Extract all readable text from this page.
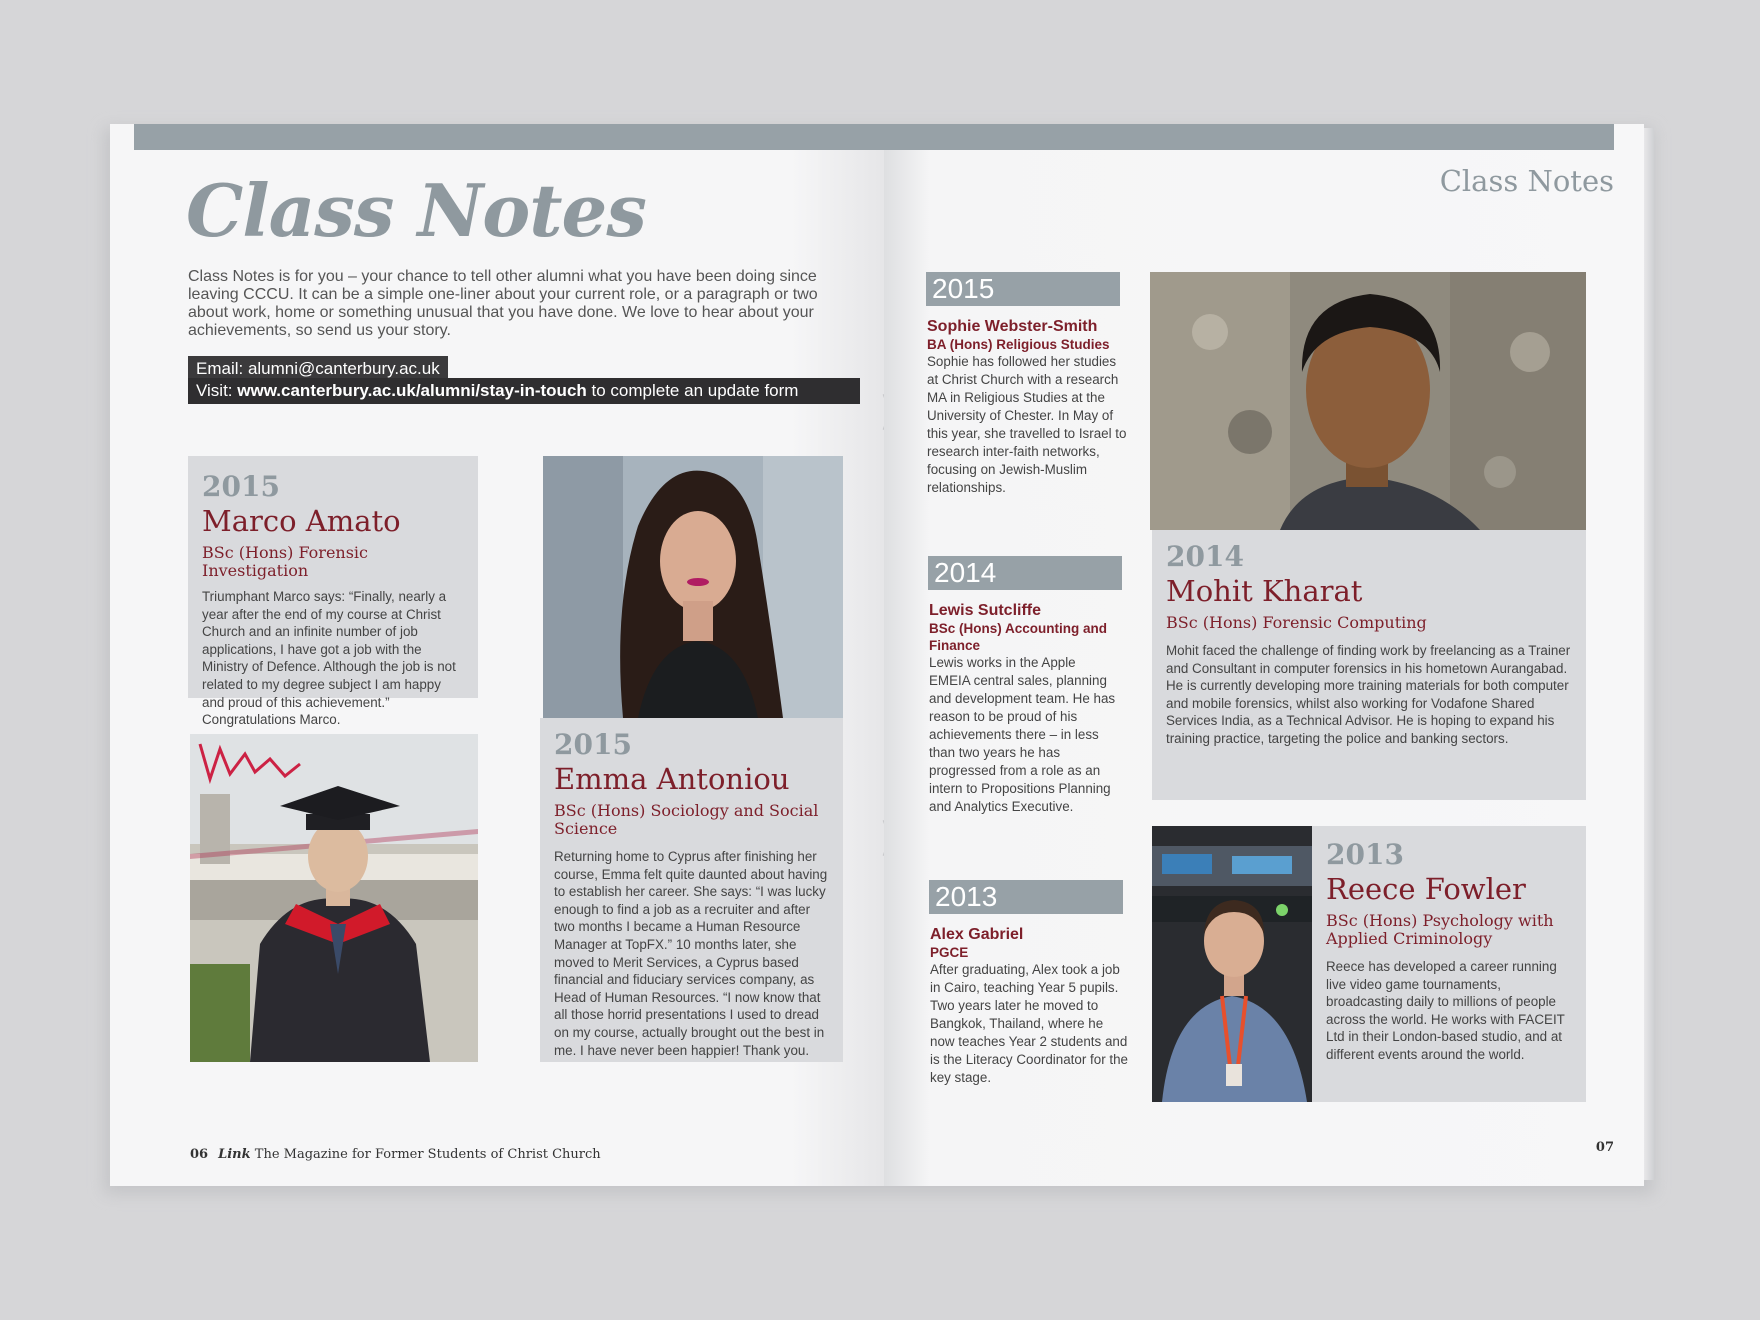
Class Notes

Class Notes is for you – your chance to tell other alumni what you have been doing since leaving CCCU. It can be a simple one-liner about your current role, or a paragraph or two about work, home or something unusual that you have done. We love to hear about your achievements, so send us your story.

Email: alumni@canterbury.ac.uk
Visit: www.canterbury.ac.uk/alumni/stay-in-touch to complete an update form
2015
Marco Amato
BSc (Hons) Forensic Investigation
Triumphant Marco says: “Finally, nearly a year after the end of my course at Christ Church and an infinite number of job applications, I have got a job with the Ministry of Defence. Although the job is not related to my degree subject I am happy and proud of this achievement.” Congratulations Marco.
2015
Emma Antoniou
BSc (Hons) Sociology and Social Science
Returning home to Cyprus after finishing her course, Emma felt quite daunted about having to establish her career. She says: “I was lucky enough to find a job as a recruiter and after two months I became a Human Resource Manager at TopFX.” 10 months later, she moved to Merit Services, a Cyprus based financial and fiduciary services company, as Head of Human Resources. “I now know that all those horrid presentations I used to dread on my course, actually brought out the best in me. I have never been happier! Thank you.
06 Link The Magazine for Former Students of Christ Church
Class Notes
2015
Sophie Webster-Smith
BA (Hons) Religious Studies
Sophie has followed her studies at Christ Church with a research MA in Religious Studies at the University of Chester. In May of this year, she travelled to Israel to research inter-faith networks, focusing on Jewish-Muslim relationships.
2014
Lewis Sutcliffe
BSc (Hons) Accounting and Finance
Lewis works in the Apple EMEIA central sales, planning and development team. He has reason to be proud of his achievements there – in less than two years he has progressed from a role as an intern to Propositions Planning and Analytics Executive.
2013
Alex Gabriel
PGCE
After graduating, Alex took a job in Cairo, teaching Year 5 pupils. Two years later he moved to Bangkok, Thailand, where he now teaches Year 2 students and is the Literacy Coordinator for the key stage.
2014
Mohit Kharat
BSc (Hons) Forensic Computing
Mohit faced the challenge of finding work by freelancing as a Trainer and Consultant in computer forensics in his hometown Aurangabad. He is currently developing more training materials for both computer and mobile forensics, whilst also working for Vodafone Shared Services India, as a Technical Advisor. He is hoping to expand his training practice, targeting the police and banking sectors.
2013
Reece Fowler
BSc (Hons) Psychology with Applied Criminology
Reece has developed a career running live video game tournaments, broadcasting daily to millions of people across the world. He works with FACEIT Ltd in their London-based studio, and at different events around the world.
07
